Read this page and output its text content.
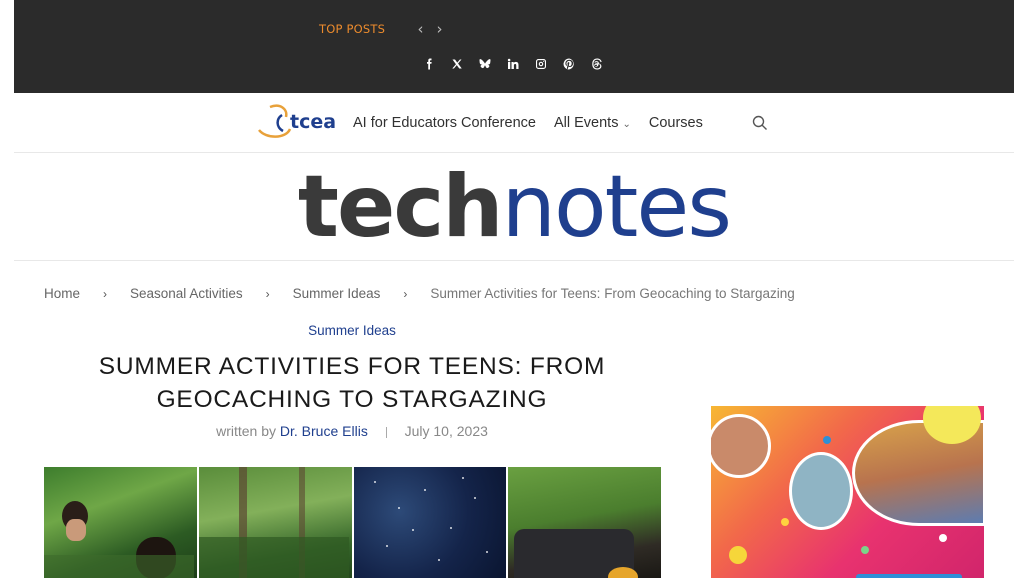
TOP POSTS ‹ ›
tcea AI for Educators Conference All Events ⌄ Courses
technotes
Home › Seasonal Activities › Summer Ideas › Summer Activities for Teens: From Geocaching to Stargazing
Summer Ideas
SUMMER ACTIVITIES FOR TEENS: FROM GEOCACHING TO STARGAZING
written by Dr. Bruce Ellis	July 10, 2023
